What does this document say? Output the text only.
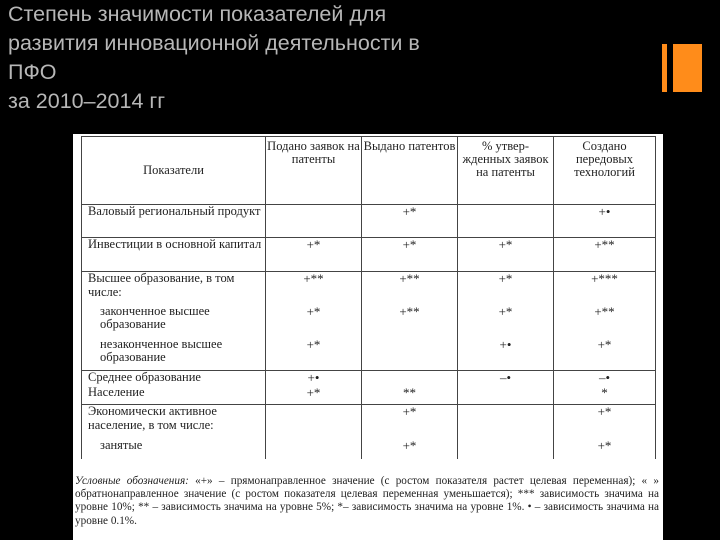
Степень значимости показателей для
развития инновационной деятельности в
ПФО
за 2010–2014 гг
Показатели	Подано заявок на патенты	Выдано патентов	% утвер-жденных заявок на патенты	Создано передовых технологий
Валовый региональный продукт		+*		+•
Инвестиции в основной капитал	+*	+*	+*	+**
Высшее образование, в том числе:	+**	+**	+*	+***
законченное высшее образование	+*	+**	+*	+**
незаконченное высшее образование	+*		+•	+*
Среднее образование	+•		–•	–•
Население	+*	**		*
Экономически активное население, в том числе:		+*		+*
занятые		+*		+*
Условные обозначения: «+» – прямонаправленное значение (с ростом показателя растет целевая переменная); « » обратнонаправленное значение (с ростом показателя целевая переменная уменьшается); *** зависимость значима на уровне 10%; ** – зависимость значима на уровне 5%; *– зависимость значима на уровне 1%. • – зависимость значима на уровне 0.1%.
